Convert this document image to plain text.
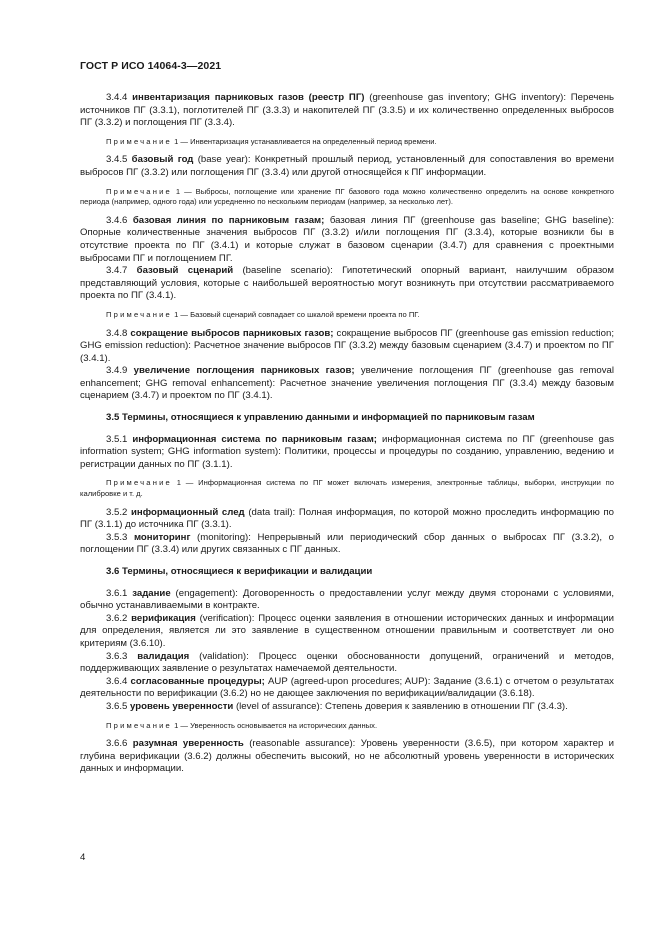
ГОСТ Р ИСО 14064-3—2021

3.4.4 инвентаризация парниковых газов (реестр ПГ) (greenhouse gas inventory; GHG inventory): Перечень источников ПГ (3.3.1), поглотителей ПГ (3.3.3) и накопителей ПГ (3.3.5) и их количественно определенных выбросов ПГ (3.3.2) и поглощения ПГ (3.3.4).

Примечание 1 — Инвентаризация устанавливается на определенный период времени.

3.4.5 базовый год (base year): Конкретный прошлый период, установленный для сопоставления во времени выбросов ПГ (3.3.2) или поглощения ПГ (3.3.4) или другой относящейся к ПГ информации.

Примечание 1 — Выбросы, поглощение или хранение ПГ базового года можно количественно определить на основе конкретного периода (например, одного года) или усредненно по нескольким периодам (например, за несколько лет).

3.4.6 базовая линия по парниковым газам; базовая линия ПГ (greenhouse gas baseline; GHG baseline): Опорные количественные значения выбросов ПГ (3.3.2) и/или поглощения ПГ (3.3.4), которые возникли бы в отсутствие проекта по ПГ (3.4.1) и которые служат в базовом сценарии (3.4.7) для сравнения с проектными выбросами ПГ и поглощением ПГ.

3.4.7 базовый сценарий (baseline scenario): Гипотетический опорный вариант, наилучшим образом представляющий условия, которые с наибольшей вероятностью могут возникнуть при отсутствии рассматриваемого проекта по ПГ (3.4.1).

Примечание 1 — Базовый сценарий совпадает со шкалой времени проекта по ПГ.

3.4.8 сокращение выбросов парниковых газов; сокращение выбросов ПГ (greenhouse gas emission reduction; GHG emission reduction): Расчетное значение выбросов ПГ (3.3.2) между базовым сценарием (3.4.7) и проектом по ПГ (3.4.1).

3.4.9 увеличение поглощения парниковых газов; увеличение поглощения ПГ (greenhouse gas removal enhancement; GHG removal enhancement): Расчетное значение увеличения поглощения ПГ (3.3.4) между базовым сценарием (3.4.7) и проектом по ПГ (3.4.1).

3.5 Термины, относящиеся к управлению данными и информацией по парниковым газам

3.5.1 информационная система по парниковым газам; информационная система по ПГ (greenhouse gas information system; GHG information system): Политики, процессы и процедуры по созданию, управлению, ведению и регистрации данных по ПГ (3.1.1).

Примечание 1 — Информационная система по ПГ может включать измерения, электронные таблицы, выборки, инструкции по калибровке и т. д.

3.5.2 информационный след (data trail): Полная информация, по которой можно проследить информацию по ПГ (3.1.1) до источника ПГ (3.3.1).

3.5.3 мониторинг (monitoring): Непрерывный или периодический сбор данных о выбросах ПГ (3.3.2), о поглощении ПГ (3.3.4) или других связанных с ПГ данных.

3.6 Термины, относящиеся к верификации и валидации

3.6.1 задание (engagement): Договоренность о предоставлении услуг между двумя сторонами с условиями, обычно устанавливаемыми в контракте.

3.6.2 верификация (verification): Процесс оценки заявления в отношении исторических данных и информации для определения, является ли это заявление в существенном отношении правильным и соответствует ли оно критериям (3.6.10).

3.6.3 валидация (validation): Процесс оценки обоснованности допущений, ограничений и методов, поддерживающих заявление о результатах намечаемой деятельности.

3.6.4 согласованные процедуры; AUP (agreed-upon procedures; AUP): Задание (3.6.1) с отчетом о результатах деятельности по верификации (3.6.2) но не дающее заключения по верификации/валидации (3.6.18).

3.6.5 уровень уверенности (level of assurance): Степень доверия к заявлению в отношении ПГ (3.4.3).

Примечание 1 — Уверенность основывается на исторических данных.

3.6.6 разумная уверенность (reasonable assurance): Уровень уверенности (3.6.5), при котором характер и глубина верификации (3.6.2) должны обеспечить высокий, но не абсолютный уровень уверенности в исторических данных и информации.

4
